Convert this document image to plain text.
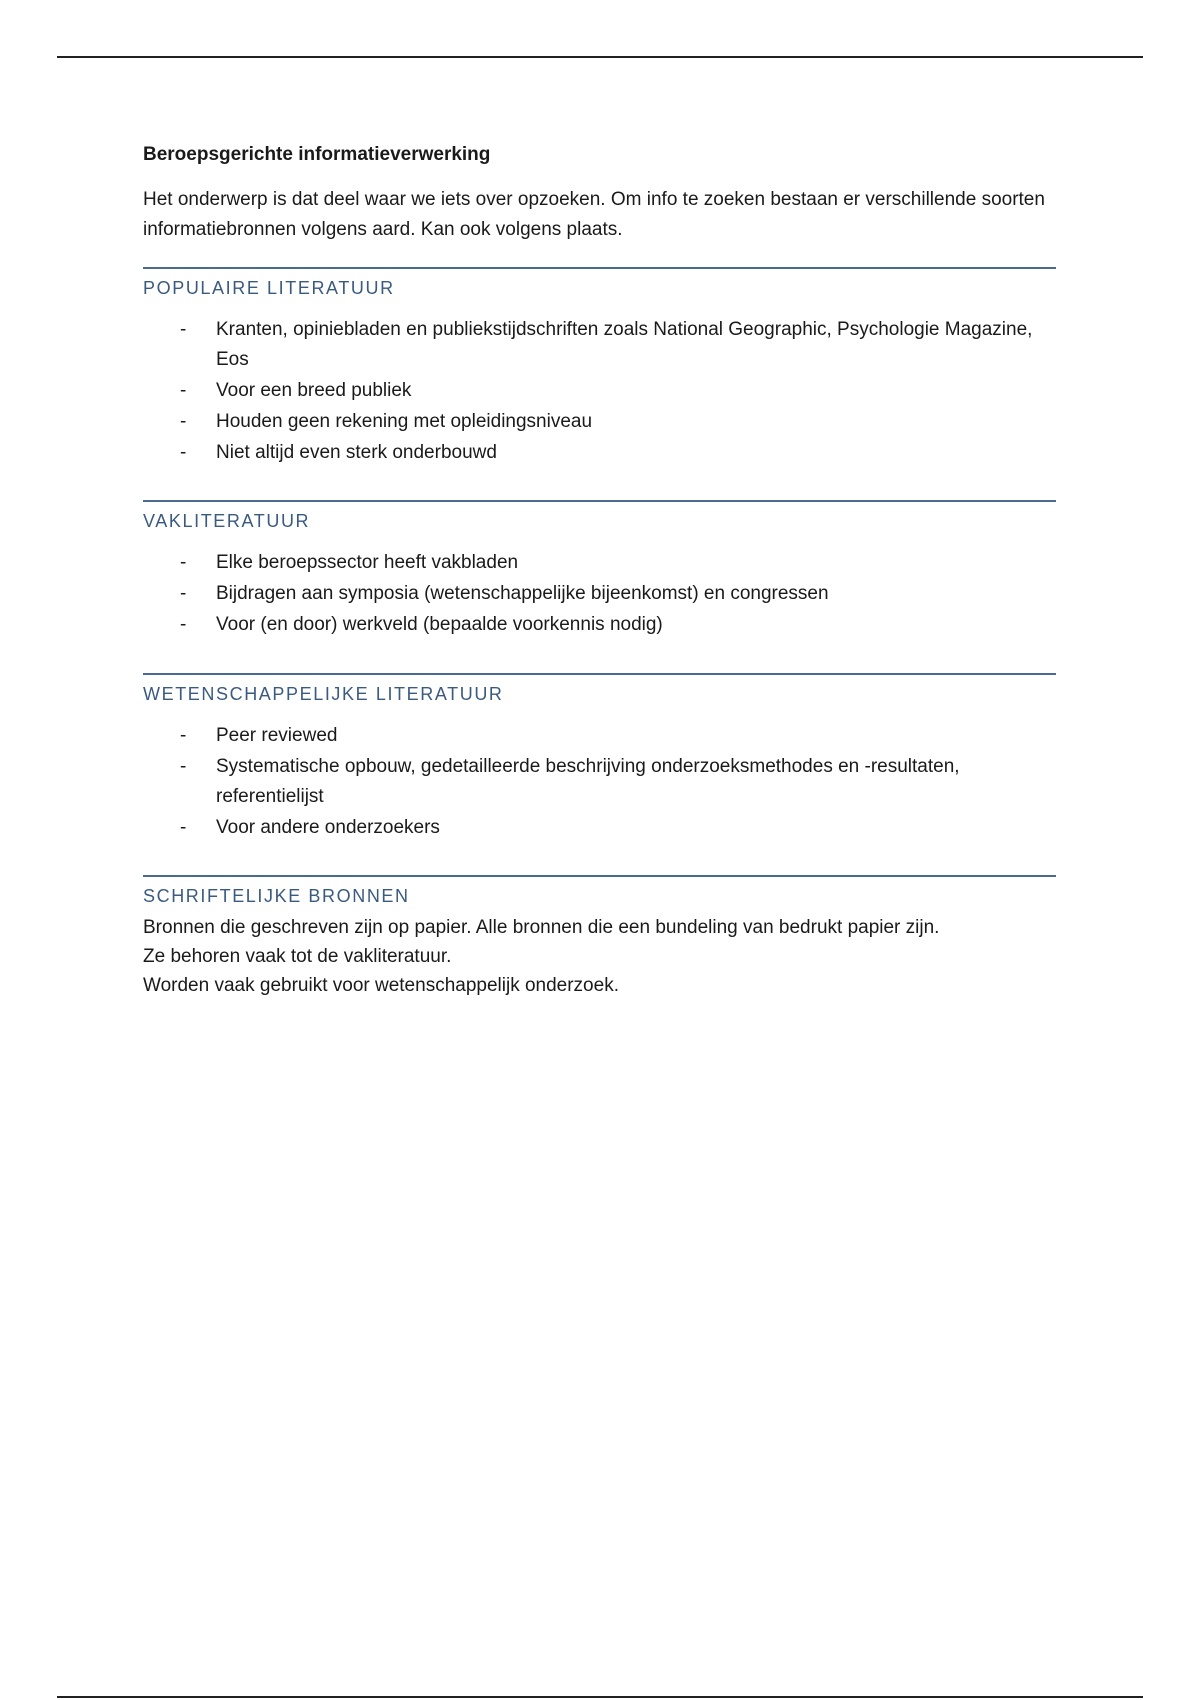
Beroepsgerichte informatieverwerking

Het onderwerp is dat deel waar we iets over opzoeken. Om info te zoeken bestaan er verschillende soorten informatiebronnen volgens aard. Kan ook volgens plaats.

POPULAIRE LITERATUUR
- Kranten, opiniebladen en publiekstijdschriften zoals National Geographic, Psychologie Magazine, Eos
- Voor een breed publiek
- Houden geen rekening met opleidingsniveau
- Niet altijd even sterk onderbouwd
VAKLITERATUUR
- Elke beroepssector heeft vakbladen
- Bijdragen aan symposia (wetenschappelijke bijeenkomst) en congressen
- Voor (en door) werkveld (bepaalde voorkennis nodig)
WETENSCHAPPELIJKE LITERATUUR
- Peer reviewed
- Systematische opbouw, gedetailleerde beschrijving onderzoeksmethodes en -resultaten, referentielijst
- Voor andere onderzoekers
SCHRIFTELIJKE BRONNEN

Bronnen die geschreven zijn op papier. Alle bronnen die een bundeling van bedrukt papier zijn.

Ze behoren vaak tot de vakliteratuur.

Worden vaak gebruikt voor wetenschappelijk onderzoek.
